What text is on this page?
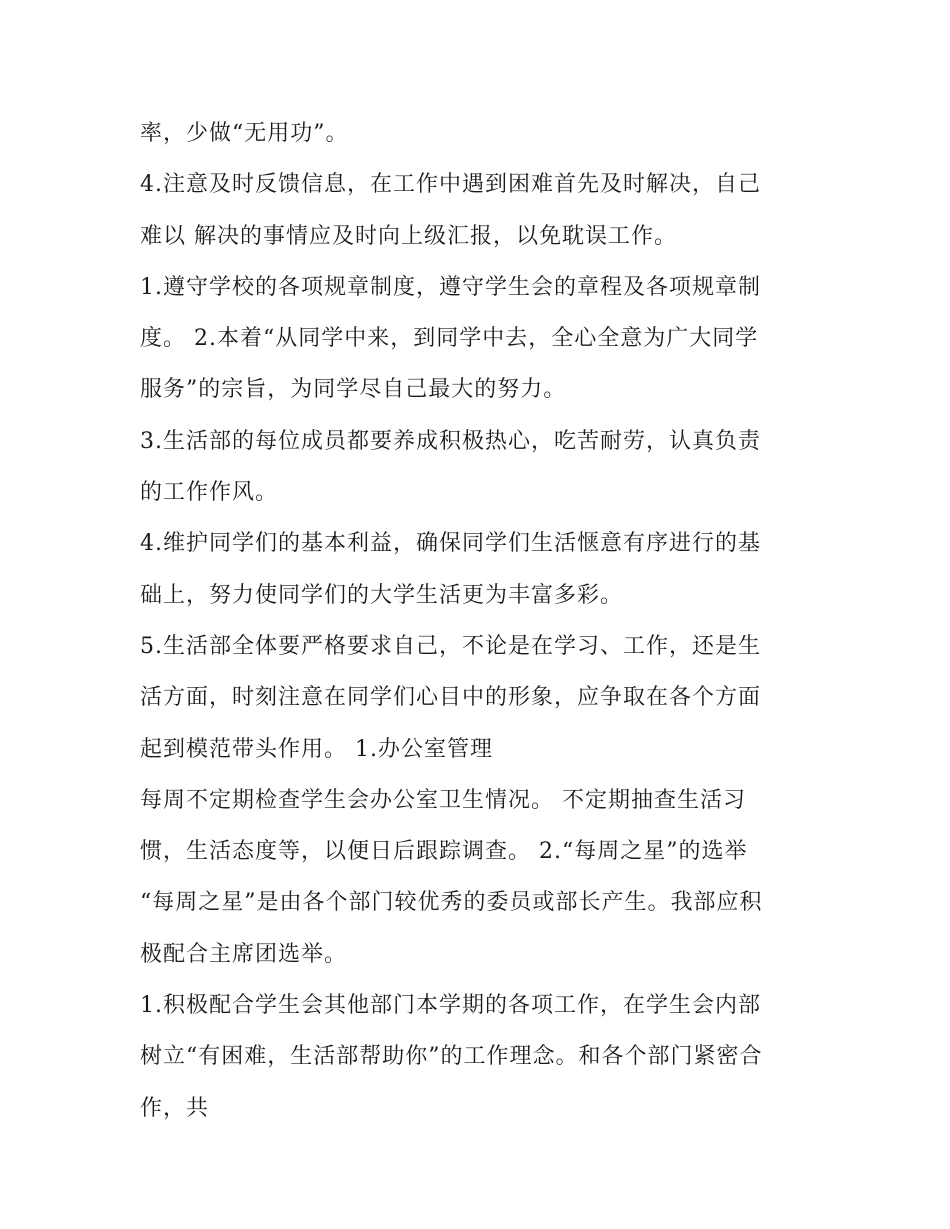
率，少做“无用功”。
4.注意及时反馈信息，在工作中遇到困难首先及时解决，自己
难以 解决的事情应及时向上级汇报，以免耽误工作。
1.遵守学校的各项规章制度，遵守学生会的章程及各项规章制
度。 2.本着“从同学中来，到同学中去，全心全意为广大同学
服务”的宗旨，为同学尽自己最大的努力。
3.生活部的每位成员都要养成积极热心，吃苦耐劳，认真负责
的工作作风。
4.维护同学们的基本利益，确保同学们生活惬意有序进行的基
础上，努力使同学们的大学生活更为丰富多彩。
5.生活部全体要严格要求自己，不论是在学习、工作，还是生
活方面，时刻注意在同学们心目中的形象，应争取在各个方面
起到模范带头作用。 1.办公室管理
每周不定期检查学生会办公室卫生情况。 不定期抽查生活习
惯，生活态度等，以便日后跟踪调查。 2.“每周之星”的选举
“每周之星”是由各个部门较优秀的委员或部长产生。我部应积
极配合主席团选举。
1.积极配合学生会其他部门本学期的各项工作，在学生会内部
树立“有困难，生活部帮助你”的工作理念。和各个部门紧密合
作，共
